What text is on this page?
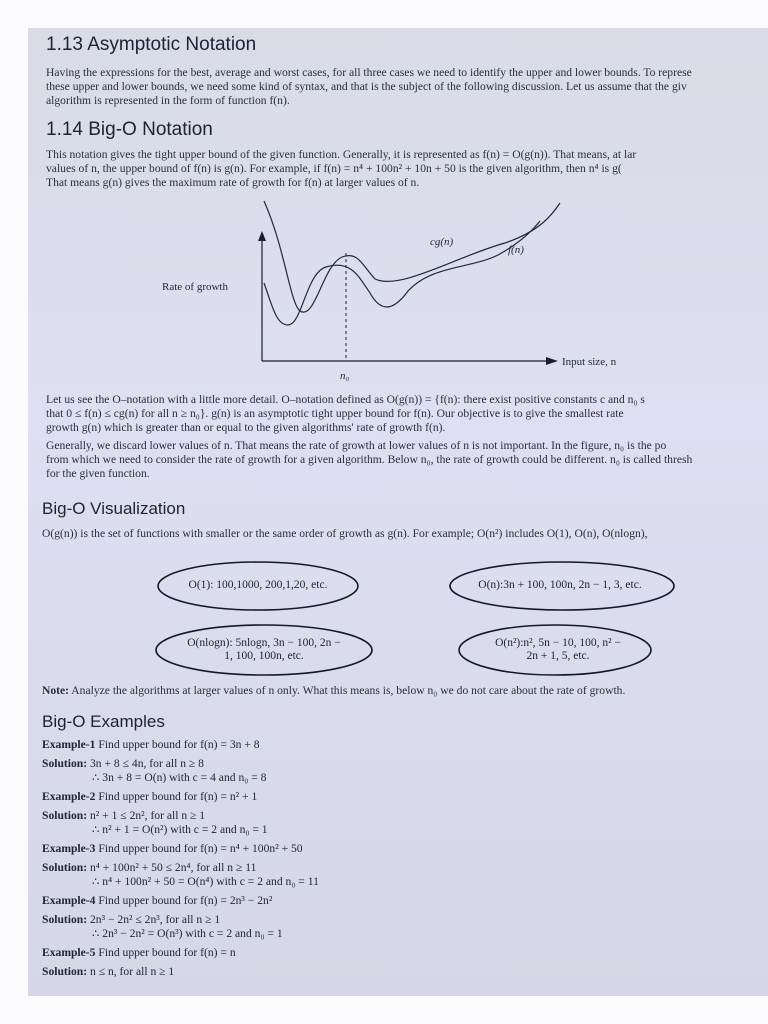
1.13 Asymptotic Notation

Having the expressions for the best, average and worst cases, for all three cases we need to identify the upper and lower bounds. To represe

these upper and lower bounds, we need some kind of syntax, and that is the subject of the following discussion. Let us assume that the giv

algorithm is represented in the form of function f(n).

1.14 Big-O Notation

This notation gives the tight upper bound of the given function. Generally, it is represented as f(n) = O(g(n)). That means, at lar

values of n, the upper bound of f(n) is g(n). For example, if f(n) = n⁴ + 100n² + 10n + 50 is the given algorithm, then n⁴ is g(

That means g(n) gives the maximum rate of growth for f(n) at larger values of n.

Rate of growth
cg(n)
f(n)
n₀
Input size, n

Let us see the O–notation with a little more detail. O–notation defined as O(g(n)) = {f(n): there exist positive constants c and n₀ s

that 0 ≤ f(n) ≤ cg(n) for all n ≥ n₀}. g(n) is an asymptotic tight upper bound for f(n). Our objective is to give the smallest rate

growth g(n) which is greater than or equal to the given algorithms' rate of growth f(n).

Generally, we discard lower values of n. That means the rate of growth at lower values of n is not important. In the figure, n₀ is the po

from which we need to consider the rate of growth for a given algorithm. Below n₀, the rate of growth could be different. n₀ is called thresh

for the given function.

Big-O Visualization
O(g(n)) is the set of functions with smaller or the same order of growth as g(n). For example; O(n²) includes O(1), O(n), O(nlogn),
O(1): 100,1000, 200,1,20, etc.	O(n):3n + 100, 100n, 2n − 1, 3, etc.
O(nlogn): 5nlogn, 3n − 100, 2n −
1, 100, 100n, etc.
O(n²):n², 5n − 10, 100, n² −
2n + 1, 5, etc.
Note: Analyze the algorithms at larger values of n only. What this means is, below n₀ we do not care about the rate of growth.
Big-O Examples
Example-1 Find upper bound for f(n) = 3n + 8
Solution: 3n + 8 ≤ 4n, for all n ≥ 8
∴ 3n + 8 = O(n) with c = 4 and n₀ = 8
Example-2 Find upper bound for f(n) = n² + 1
Solution: n² + 1 ≤ 2n², for all n ≥ 1
∴ n² + 1 = O(n²) with c = 2 and n₀ = 1
Example-3 Find upper bound for f(n) = n⁴ + 100n² + 50
Solution: n⁴ + 100n² + 50 ≤ 2n⁴, for all n ≥ 11
∴ n⁴ + 100n² + 50 = O(n⁴) with c = 2 and n₀ = 11
Example-4 Find upper bound for f(n) = 2n³ − 2n²
Solution: 2n³ − 2n² ≤ 2n³, for all n ≥ 1
∴ 2n³ − 2n² = O(n³) with c = 2 and n₀ = 1
Example-5 Find upper bound for f(n) = n
Solution: n ≤ n, for all n ≥ 1
